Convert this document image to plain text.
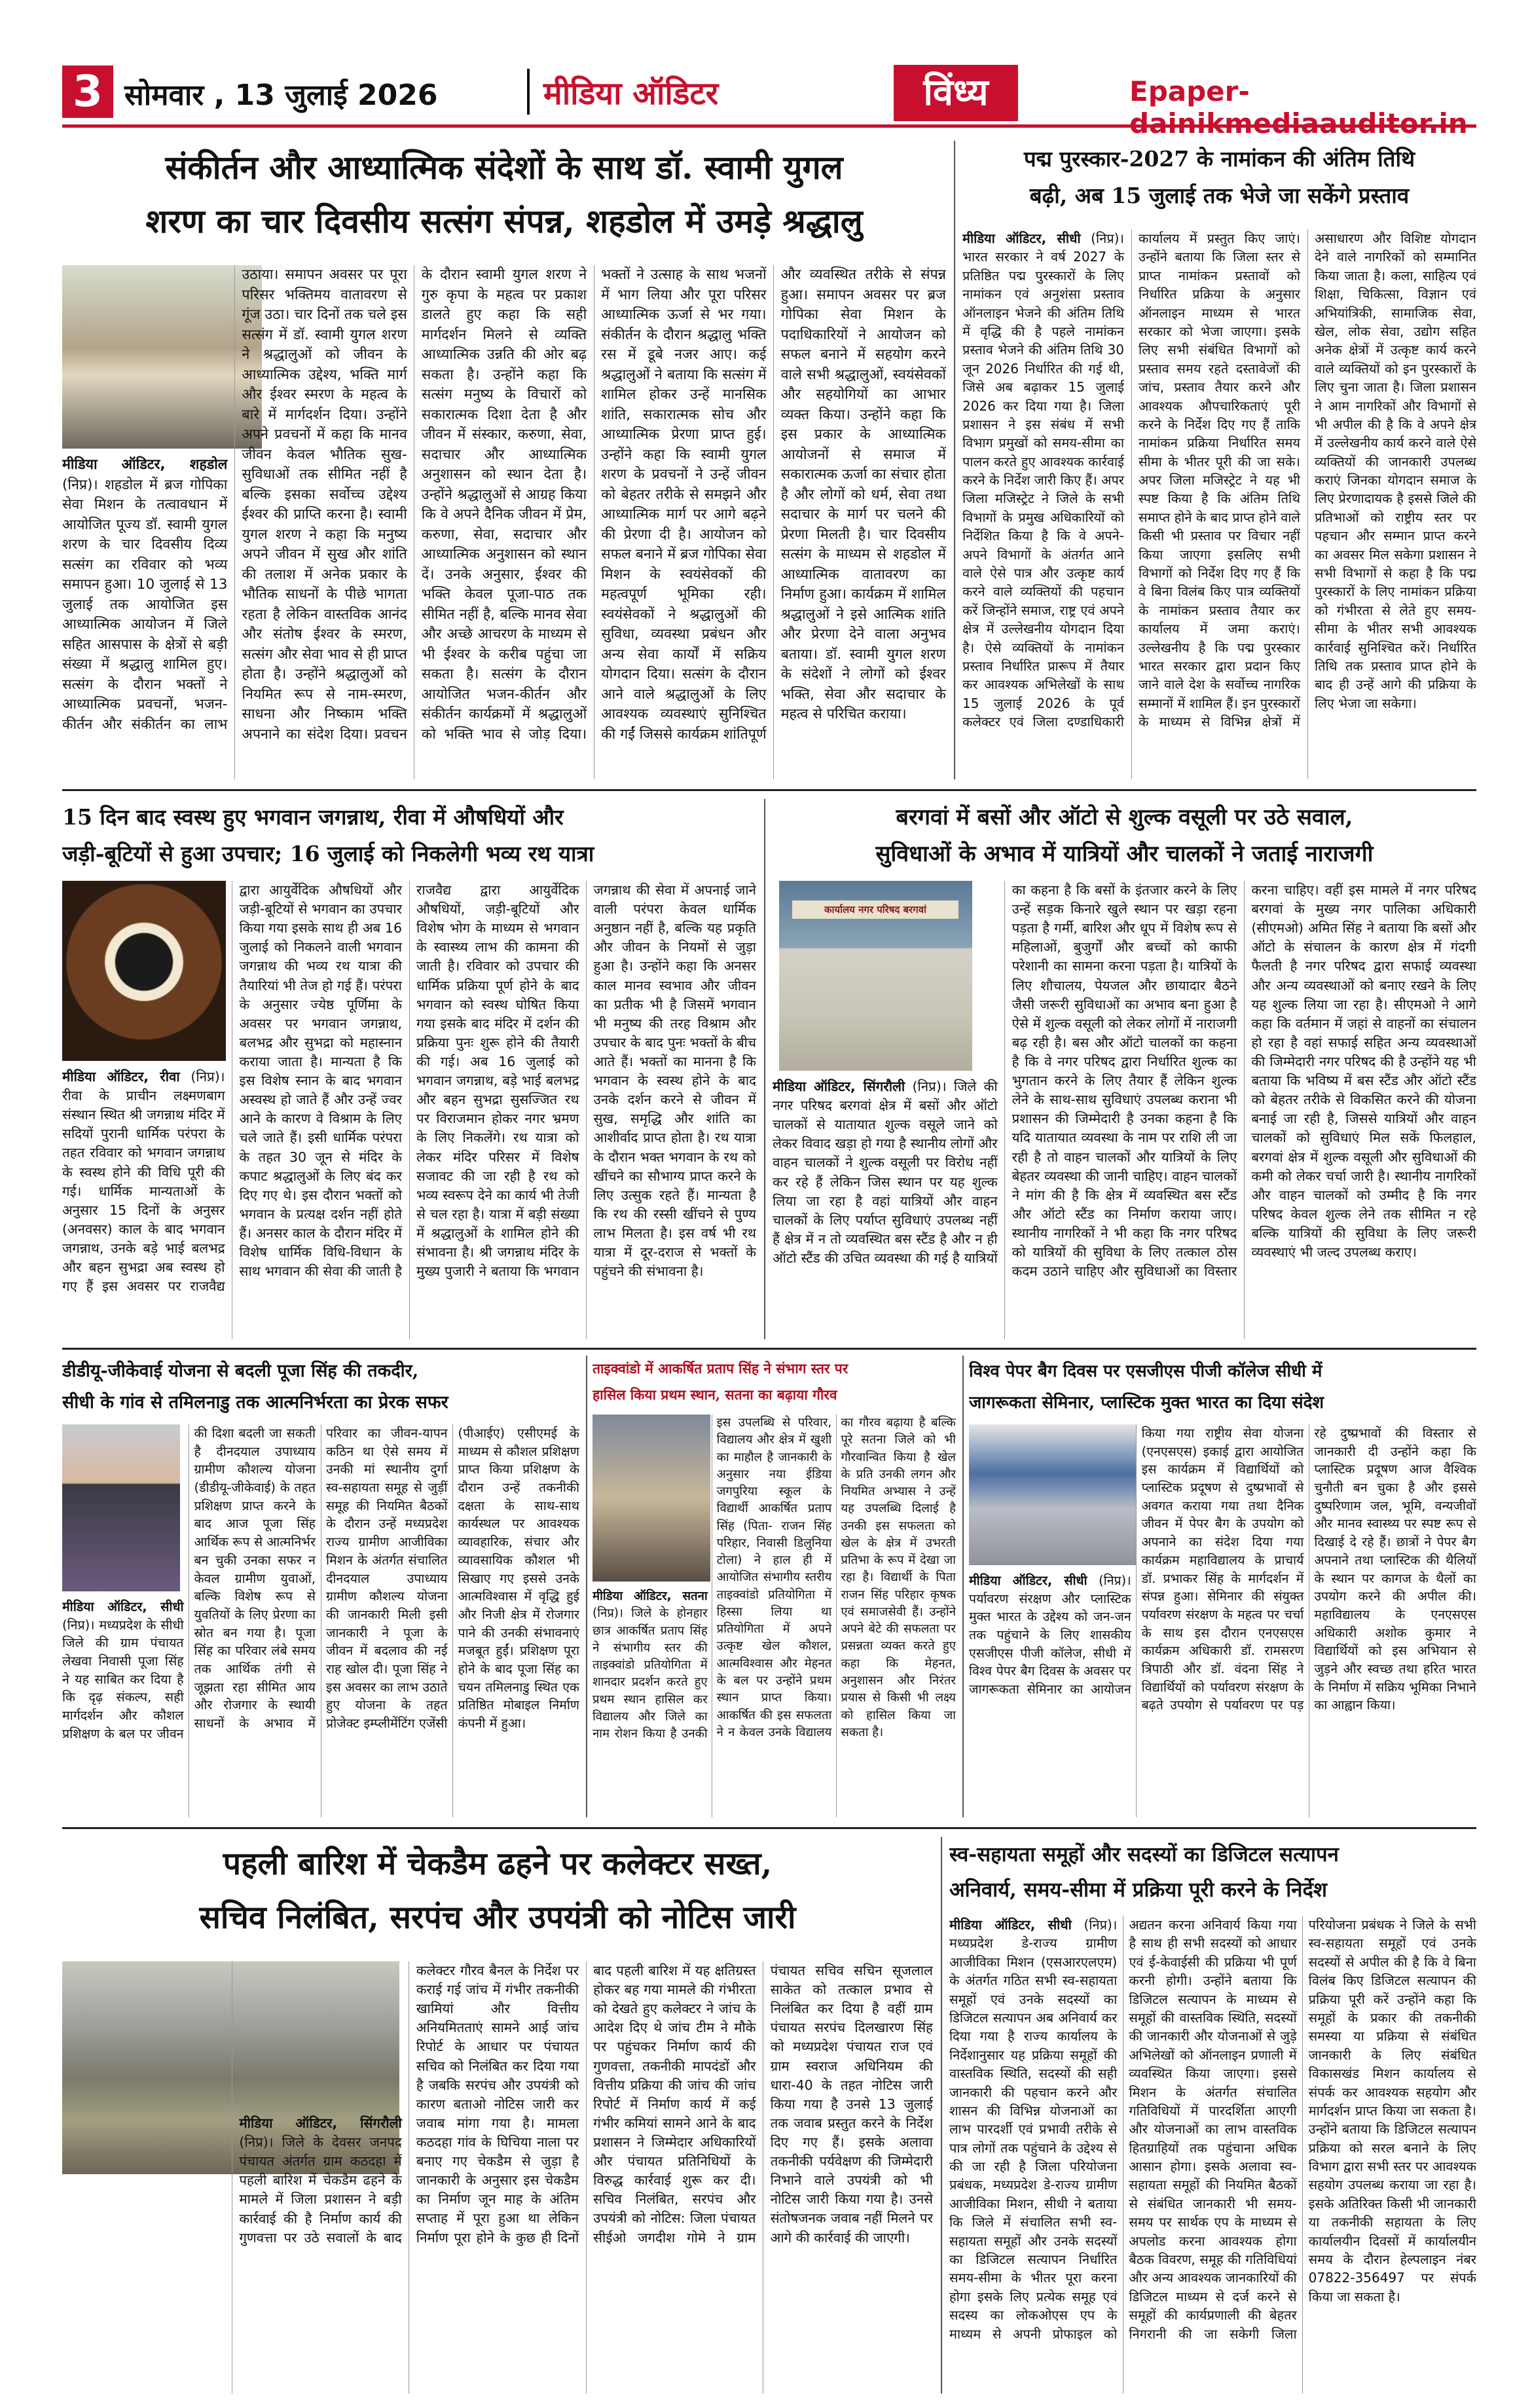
3 सोमवार , 13 जुलाई 2026	मीडिया ऑडिटर	विंध्य	Epaper-dainikmediaauditor.in
संकीर्तन और आध्यात्मिक संदेशों के साथ डॉ. स्वामी युगल
शरण का चार दिवसीय सत्संग संपन्न, शहडोल में उमड़े श्रद्धालु

मीडिया ऑडिटर, शहडोल (निप्र)। शहडोल में ब्रज गोपिका सेवा मिशन के तत्वावधान में आयोजित पूज्य डॉ. स्वामी युगल शरण के चार दिवसीय दिव्य सत्संग का रविवार को भव्य समापन हुआ। 10 जुलाई से 13 जुलाई तक आयोजित इस आध्यात्मिक आयोजन में जिले सहित आसपास के क्षेत्रों से बड़ी संख्या में श्रद्धालु शामिल हुए। सत्संग के दौरान भक्तों ने आध्यात्मिक प्रवचनों, भजन-कीर्तन और संकीर्तन का लाभ उठाया। समापन अवसर पर पूरा परिसर भक्तिमय वातावरण से गूंज उठा। चार दिनों तक चले इस सत्संग में डॉ. स्वामी युगल शरण ने श्रद्धालुओं को जीवन के आध्यात्मिक उद्देश्य, भक्ति मार्ग और ईश्वर स्मरण के महत्व के बारे में मार्गदर्शन दिया। उन्होंने अपने प्रवचनों में कहा कि मानव जीवन केवल भौतिक सुख-सुविधाओं तक सीमित नहीं है बल्कि इसका सर्वोच्च उद्देश्य ईश्वर की प्राप्ति करना है। स्वामी युगल शरण ने कहा कि मनुष्य अपने जीवन में सुख और शांति की तलाश में अनेक प्रकार के भौतिक साधनों के पीछे भागता रहता है लेकिन वास्तविक आनंद और संतोष ईश्वर के स्मरण, सत्संग और सेवा भाव से ही प्राप्त होता है। उन्होंने श्रद्धालुओं को नियमित रूप से नाम-स्मरण, साधना और निष्काम भक्ति अपनाने का संदेश दिया। प्रवचन के दौरान स्वामी युगल शरण ने गुरु कृपा के महत्व पर प्रकाश डालते हुए कहा कि सही मार्गदर्शन मिलने से व्यक्ति आध्यात्मिक उन्नति की ओर बढ़ सकता है। उन्होंने कहा कि सत्संग मनुष्य के विचारों को सकारात्मक दिशा देता है और जीवन में संस्कार, करुणा, सेवा, सदाचार और आध्यात्मिक अनुशासन को स्थान देता है। उन्होंने श्रद्धालुओं से आग्रह किया कि वे अपने दैनिक जीवन में प्रेम, करुणा, सेवा, सदाचार और आध्यात्मिक अनुशासन को स्थान दें। उनके अनुसार, ईश्वर की भक्ति केवल पूजा-पाठ तक सीमित नहीं है, बल्कि मानव सेवा और अच्छे आचरण के माध्यम से भी ईश्वर के करीब पहुंचा जा सकता है। सत्संग के दौरान आयोजित भजन-कीर्तन और संकीर्तन कार्यक्रमों में श्रद्धालुओं को भक्ति भाव से जोड़ दिया। भक्तों ने उत्साह के साथ भजनों में भाग लिया और पूरा परिसर आध्यात्मिक ऊर्जा से भर गया। संकीर्तन के दौरान श्रद्धालु भक्ति रस में डूबे नजर आए। कई श्रद्धालुओं ने बताया कि सत्संग में शामिल होकर उन्हें मानसिक शांति, सकारात्मक सोच और आध्यात्मिक प्रेरणा प्राप्त हुई। उन्होंने कहा कि स्वामी युगल शरण के प्रवचनों ने उन्हें जीवन को बेहतर तरीके से समझने और आध्यात्मिक मार्ग पर आगे बढ़ने की प्रेरणा दी है। आयोजन को सफल बनाने में ब्रज गोपिका सेवा मिशन के स्वयंसेवकों की महत्वपूर्ण भूमिका रही। स्वयंसेवकों ने श्रद्धालुओं की सुविधा, व्यवस्था प्रबंधन और अन्य सेवा कार्यों में सक्रिय योगदान दिया। सत्संग के दौरान आने वाले श्रद्धालुओं के लिए आवश्यक व्यवस्थाएं सुनिश्चित की गईं जिससे कार्यक्रम शांतिपूर्ण और व्यवस्थित तरीके से संपन्न हुआ। समापन अवसर पर ब्रज गोपिका सेवा मिशन के पदाधिकारियों ने आयोजन को सफल बनाने में सहयोग करने वाले सभी श्रद्धालुओं, स्वयंसेवकों और सहयोगियों का आभार व्यक्त किया। उन्होंने कहा कि इस प्रकार के आध्यात्मिक आयोजनों से समाज में सकारात्मक ऊर्जा का संचार होता है और लोगों को धर्म, सेवा तथा सदाचार के मार्ग पर चलने की प्रेरणा मिलती है। चार दिवसीय सत्संग के माध्यम से शहडोल में आध्यात्मिक वातावरण का निर्माण हुआ। कार्यक्रम में शामिल श्रद्धालुओं ने इसे आत्मिक शांति और प्रेरणा देने वाला अनुभव बताया। डॉ. स्वामी युगल शरण के संदेशों ने लोगों को ईश्वर भक्ति, सेवा और सदाचार के महत्व से परिचित कराया।

पद्म पुरस्कार-2027 के नामांकन की अंतिम तिथि
बढ़ी, अब 15 जुलाई तक भेजे जा सकेंगे प्रस्ताव

मीडिया ऑडिटर, सीधी (निप्र)। भारत सरकार ने वर्ष 2027 के प्रतिष्ठित पद्म पुरस्कारों के लिए नामांकन एवं अनुशंसा प्रस्ताव ऑनलाइन भेजने की अंतिम तिथि में वृद्धि की है पहले नामांकन प्रस्ताव भेजने की अंतिम तिथि 30 जून 2026 निर्धारित की गई थी, जिसे अब बढ़ाकर 15 जुलाई 2026 कर दिया गया है। जिला प्रशासन ने इस संबंध में सभी विभाग प्रमुखों को समय-सीमा का पालन करते हुए आवश्यक कार्रवाई करने के निर्देश जारी किए हैं। अपर जिला मजिस्ट्रेट ने जिले के सभी विभागों के प्रमुख अधिकारियों को निर्देशित किया है कि वे अपने-अपने विभागों के अंतर्गत आने वाले ऐसे पात्र और उत्कृष्ट कार्य करने वाले व्यक्तियों की पहचान करें जिन्होंने समाज, राष्ट्र एवं अपने क्षेत्र में उल्लेखनीय योगदान दिया है। ऐसे व्यक्तियों के नामांकन प्रस्ताव निर्धारित प्रारूप में तैयार कर आवश्यक अभिलेखों के साथ 15 जुलाई 2026 के पूर्व कलेक्टर एवं जिला दण्डाधिकारी कार्यालय में प्रस्तुत किए जाएं। उन्होंने बताया कि जिला स्तर से प्राप्त नामांकन प्रस्तावों को निर्धारित प्रक्रिया के अनुसार ऑनलाइन माध्यम से भारत सरकार को भेजा जाएगा। इसके लिए सभी संबंधित विभागों को प्रस्ताव समय रहते दस्तावेजों की जांच, प्रस्ताव तैयार करने और आवश्यक औपचारिकताएं पूरी करने के निर्देश दिए गए हैं ताकि नामांकन प्रक्रिया निर्धारित समय सीमा के भीतर पूरी की जा सके। अपर जिला मजिस्ट्रेट ने यह भी स्पष्ट किया है कि अंतिम तिथि समाप्त होने के बाद प्राप्त होने वाले किसी भी प्रस्ताव पर विचार नहीं किया जाएगा इसलिए सभी विभागों को निर्देश दिए गए हैं कि वे बिना विलंब किए पात्र व्यक्तियों के नामांकन प्रस्ताव तैयार कर कार्यालय में जमा कराएं। उल्लेखनीय है कि पद्म पुरस्कार भारत सरकार द्वारा प्रदान किए जाने वाले देश के सर्वोच्च नागरिक सम्मानों में शामिल हैं। इन पुरस्कारों के माध्यम से विभिन्न क्षेत्रों में असाधारण और विशिष्ट योगदान देने वाले नागरिकों को सम्मानित किया जाता है। कला, साहित्य एवं शिक्षा, चिकित्सा, विज्ञान एवं अभियांत्रिकी, सामाजिक सेवा, खेल, लोक सेवा, उद्योग सहित अनेक क्षेत्रों में उत्कृष्ट कार्य करने वाले व्यक्तियों को इन पुरस्कारों के लिए चुना जाता है। जिला प्रशासन ने आम नागरिकों और विभागों से भी अपील की है कि वे अपने क्षेत्र में उल्लेखनीय कार्य करने वाले ऐसे व्यक्तियों की जानकारी उपलब्ध कराएं जिनका योगदान समाज के लिए प्रेरणादायक है इससे जिले की प्रतिभाओं को राष्ट्रीय स्तर पर पहचान और सम्मान प्राप्त करने का अवसर मिल सकेगा प्रशासन ने सभी विभागों से कहा है कि पद्म पुरस्कारों के लिए नामांकन प्रक्रिया को गंभीरता से लेते हुए समय-सीमा के भीतर सभी आवश्यक कार्रवाई सुनिश्चित करें। निर्धारित तिथि तक प्रस्ताव प्राप्त होने के बाद ही उन्हें आगे की प्रक्रिया के लिए भेजा जा सकेगा।

15 दिन बाद स्वस्थ हुए भगवान जगन्नाथ, रीवा में औषधियों और
जड़ी-बूटियों से हुआ उपचार; 16 जुलाई को निकलेगी भव्य रथ यात्रा

मीडिया ऑडिटर, रीवा (निप्र)। रीवा के प्राचीन लक्ष्मणबाग संस्थान स्थित श्री जगन्नाथ मंदिर में सदियों पुरानी धार्मिक परंपरा के तहत रविवार को भगवान जगन्नाथ के स्वस्थ होने की विधि पूरी की गई। धार्मिक मान्यताओं के अनुसार 15 दिनों के अनुसर (अनवसर) काल के बाद भगवान जगन्नाथ, उनके बड़े भाई बलभद्र और बहन सुभद्रा अब स्वस्थ हो गए हैं इस अवसर पर राजवैद्य द्वारा आयुर्वेदिक औषधियों और जड़ी-बूटियों से भगवान का उपचार किया गया इसके साथ ही अब 16 जुलाई को निकलने वाली भगवान जगन्नाथ की भव्य रथ यात्रा की तैयारियां भी तेज हो गई हैं। परंपरा के अनुसार ज्येष्ठ पूर्णिमा के अवसर पर भगवान जगन्नाथ, बलभद्र और सुभद्रा को महास्नान कराया जाता है। मान्यता है कि इस विशेष स्नान के बाद भगवान अस्वस्थ हो जाते हैं और उन्हें ज्वर आने के कारण वे विश्राम के लिए चले जाते हैं। इसी धार्मिक परंपरा के तहत 30 जून से मंदिर के कपाट श्रद्धालुओं के लिए बंद कर दिए गए थे। इस दौरान भक्तों को भगवान के प्रत्यक्ष दर्शन नहीं होते हैं। अनसर काल के दौरान मंदिर में विशेष धार्मिक विधि-विधान के साथ भगवान की सेवा की जाती है राजवैद्य द्वारा आयुर्वेदिक औषधियों, जड़ी-बूटियों और विशेष भोग के माध्यम से भगवान के स्वास्थ्य लाभ की कामना की जाती है। रविवार को उपचार की धार्मिक प्रक्रिया पूर्ण होने के बाद भगवान को स्वस्थ घोषित किया गया इसके बाद मंदिर में दर्शन की प्रक्रिया पुनः शुरू होने की तैयारी की गई। अब 16 जुलाई को भगवान जगन्नाथ, बड़े भाई बलभद्र और बहन सुभद्रा सुसज्जित रथ पर विराजमान होकर नगर भ्रमण के लिए निकलेंगे। रथ यात्रा को लेकर मंदिर परिसर में विशेष सजावट की जा रही है रथ को भव्य स्वरूप देने का कार्य भी तेजी से चल रहा है। यात्रा में बड़ी संख्या में श्रद्धालुओं के शामिल होने की संभावना है। श्री जगन्नाथ मंदिर के मुख्य पुजारी ने बताया कि भगवान जगन्नाथ की सेवा में अपनाई जाने वाली परंपरा केवल धार्मिक अनुष्ठान नहीं है, बल्कि यह प्रकृति और जीवन के नियमों से जुड़ा हुआ है। उन्होंने कहा कि अनसर काल मानव स्वभाव और जीवन का प्रतीक भी है जिसमें भगवान भी मनुष्य की तरह विश्राम और उपचार के बाद पुनः भक्तों के बीच आते हैं। भक्तों का मानना है कि भगवान के स्वस्थ होने के बाद उनके दर्शन करने से जीवन में सुख, समृद्धि और शांति का आशीर्वाद प्राप्त होता है। रथ यात्रा के दौरान भक्त भगवान के रथ को खींचने का सौभाग्य प्राप्त करने के लिए उत्सुक रहते हैं। मान्यता है कि रथ की रस्सी खींचने से पुण्य लाभ मिलता है। इस वर्ष भी रथ यात्रा में दूर-दराज से भक्तों के पहुंचने की संभावना है।

बरगवां में बसों और ऑटो से शुल्क वसूली पर उठे सवाल,
सुविधाओं के अभाव में यात्रियों और चालकों ने जताई नाराजगी
कार्यालय नगर परिषद बरगवां

मीडिया ऑडिटर, सिंगरौली (निप्र)। जिले की नगर परिषद बरगवां क्षेत्र में बसों और ऑटो चालकों से यातायात शुल्क वसूले जाने को लेकर विवाद खड़ा हो गया है स्थानीय लोगों और वाहन चालकों ने शुल्क वसूली पर विरोध नहीं कर रहे हैं लेकिन जिस स्थान पर यह शुल्क लिया जा रहा है वहां यात्रियों और वाहन चालकों के लिए पर्याप्त सुविधाएं उपलब्ध नहीं हैं क्षेत्र में न तो व्यवस्थित बस स्टैंड है और न ही ऑटो स्टैंड की उचित व्यवस्था की गई है यात्रियों का कहना है कि बसों के इंतजार करने के लिए उन्हें सड़क किनारे खुले स्थान पर खड़ा रहना पड़ता है गर्मी, बारिश और धूप में विशेष रूप से महिलाओं, बुजुर्गों और बच्चों को काफी परेशानी का सामना करना पड़ता है। यात्रियों के लिए शौचालय, पेयजल और छायादार बैठने जैसी जरूरी सुविधाओं का अभाव बना हुआ है ऐसे में शुल्क वसूली को लेकर लोगों में नाराजगी बढ़ रही है। बस और ऑटो चालकों का कहना है कि वे नगर परिषद द्वारा निर्धारित शुल्क का भुगतान करने के लिए तैयार हैं लेकिन शुल्क लेने के साथ-साथ सुविधाएं उपलब्ध कराना भी प्रशासन की जिम्मेदारी है उनका कहना है कि यदि यातायात व्यवस्था के नाम पर राशि ली जा रही है तो वाहन चालकों और यात्रियों के लिए बेहतर व्यवस्था की जानी चाहिए। वाहन चालकों ने मांग की है कि क्षेत्र में व्यवस्थित बस स्टैंड और ऑटो स्टैंड का निर्माण कराया जाए। स्थानीय नागरिकों ने भी कहा कि नगर परिषद को यात्रियों की सुविधा के लिए तत्काल ठोस कदम उठाने चाहिए और सुविधाओं का विस्तार करना चाहिए। वहीं इस मामले में नगर परिषद बरगवां के मुख्य नगर पालिका अधिकारी (सीएमओ) अमित सिंह ने बताया कि बसों और ऑटो के संचालन के कारण क्षेत्र में गंदगी फैलती है नगर परिषद द्वारा सफाई व्यवस्था और अन्य व्यवस्थाओं को बनाए रखने के लिए यह शुल्क लिया जा रहा है। सीएमओ ने आगे कहा कि वर्तमान में जहां से वाहनों का संचालन हो रहा है वहां सफाई सहित अन्य व्यवस्थाओं की जिम्मेदारी नगर परिषद की है उन्होंने यह भी बताया कि भविष्य में बस स्टैंड और ऑटो स्टैंड को बेहतर तरीके से विकसित करने की योजना बनाई जा रही है, जिससे यात्रियों और वाहन चालकों को सुविधाएं मिल सकें फिलहाल, बरगवां क्षेत्र में शुल्क वसूली और सुविधाओं की कमी को लेकर चर्चा जारी है। स्थानीय नागरिकों और वाहन चालकों को उम्मीद है कि नगर परिषद केवल शुल्क लेने तक सीमित न रहे बल्कि यात्रियों की सुविधा के लिए जरूरी व्यवस्थाएं भी जल्द उपलब्ध कराए।

डीडीयू-जीकेवाई योजना से बदली पूजा सिंह की तकदीर,
सीधी के गांव से तमिलनाडु तक आत्मनिर्भरता का प्रेरक सफर

मीडिया ऑडिटर, सीधी (निप्र)। मध्यप्रदेश के सीधी जिले की ग्राम पंचायत लेखवा निवासी पूजा सिंह ने यह साबित कर दिया है कि दृढ़ संकल्प, सही मार्गदर्शन और कौशल प्रशिक्षण के बल पर जीवन की दिशा बदली जा सकती है दीनदयाल उपाध्याय ग्रामीण कौशल्य योजना (डीडीयू-जीकेवाई) के तहत प्रशिक्षण प्राप्त करने के बाद आज पूजा सिंह आर्थिक रूप से आत्मनिर्भर बन चुकी उनका सफर न केवल ग्रामीण युवाओं, बल्कि विशेष रूप से युवतियों के लिए प्रेरणा का स्रोत बन गया है। पूजा सिंह का परिवार लंबे समय तक आर्थिक तंगी से जूझता रहा सीमित आय और रोजगार के स्थायी साधनों के अभाव में परिवार का जीवन-यापन कठिन था ऐसे समय में उनकी मां स्थानीय दुर्गा स्व-सहायता समूह से जुड़ीं समूह की नियमित बैठकों के दौरान उन्हें मध्यप्रदेश राज्य ग्रामीण आजीविका मिशन के अंतर्गत संचालित दीनदयाल उपाध्याय ग्रामीण कौशल्य योजना की जानकारी मिली इसी जानकारी ने पूजा के जीवन में बदलाव की नई राह खोल दी। पूजा सिंह ने इस अवसर का लाभ उठाते हुए योजना के तहत प्रोजेक्ट इम्प्लीमेंटिंग एजेंसी (पीआईए) एसीएमई के माध्यम से कौशल प्रशिक्षण प्राप्त किया प्रशिक्षण के दौरान उन्हें तकनीकी दक्षता के साथ-साथ कार्यस्थल पर आवश्यक व्यावहारिक, संचार और व्यावसायिक कौशल भी सिखाए गए इससे उनके आत्मविश्वास में वृद्धि हुई और निजी क्षेत्र में रोजगार पाने की उनकी संभावनाएं मजबूत हुईं। प्रशिक्षण पूरा होने के बाद पूजा सिंह का चयन तमिलनाडु स्थित एक प्रतिष्ठित मोबाइल निर्माण कंपनी में हुआ।

ताइक्वांडो में आकर्षित प्रताप सिंह ने संभाग स्तर पर
हासिल किया प्रथम स्थान, सतना का बढ़ाया गौरव

मीडिया ऑडिटर, सतना (निप्र)। जिले के होनहार छात्र आकर्षित प्रताप सिंह ने संभागीय स्तर की ताइक्वांडो प्रतियोगिता में शानदार प्रदर्शन करते हुए प्रथम स्थान हासिल कर विद्यालय और जिले का नाम रोशन किया है उनकी इस उपलब्धि से परिवार, विद्यालय और क्षेत्र में खुशी का माहौल है जानकारी के अनुसार नया ईडिया जगपुरिया स्कूल के विद्यार्थी आकर्षित प्रताप सिंह (पिता- राजन सिंह परिहार, निवासी डिलुनिया टोला) ने हाल ही में आयोजित संभागीय स्तरीय ताइक्वांडो प्रतियोगिता में हिस्सा लिया था प्रतियोगिता में अपने उत्कृष्ट खेल कौशल, आत्मविश्वास और मेहनत के बल पर उन्होंने प्रथम स्थान प्राप्त किया। आकर्षित की इस सफलता ने न केवल उनके विद्यालय का गौरव बढ़ाया है बल्कि पूरे सतना जिले को भी गौरवान्वित किया है खेल के प्रति उनकी लगन और नियमित अभ्यास ने उन्हें यह उपलब्धि दिलाई है उनकी इस सफलता को खेल के क्षेत्र में उभरती प्रतिभा के रूप में देखा जा रहा है। विद्यार्थी के पिता राजन सिंह परिहार कृषक एवं समाजसेवी हैं। उन्होंने अपने बेटे की सफलता पर प्रसन्नता व्यक्त करते हुए कहा कि मेहनत, अनुशासन और निरंतर प्रयास से किसी भी लक्ष्य को हासिल किया जा सकता है।

विश्व पेपर बैग दिवस पर एसजीएस पीजी कॉलेज सीधी में
जागरूकता सेमिनार, प्लास्टिक मुक्त भारत का दिया संदेश

मीडिया ऑडिटर, सीधी (निप्र)। पर्यावरण संरक्षण और प्लास्टिक मुक्त भारत के उद्देश्य को जन-जन तक पहुंचाने के लिए शासकीय एसजीएस पीजी कॉलेज, सीधी में विश्व पेपर बैग दिवस के अवसर पर जागरूकता सेमिनार का आयोजन किया गया राष्ट्रीय सेवा योजना (एनएसएस) इकाई द्वारा आयोजित इस कार्यक्रम में विद्यार्थियों को प्लास्टिक प्रदूषण से दुष्प्रभावों से अवगत कराया गया तथा दैनिक जीवन में पेपर बैग के उपयोग को अपनाने का संदेश दिया गया कार्यक्रम महाविद्यालय के प्राचार्य डॉ. प्रभाकर सिंह के मार्गदर्शन में संपन्न हुआ। सेमिनार की संयुक्त पर्यावरण संरक्षण के महत्व पर चर्चा के साथ इस दौरान एनएसएस कार्यक्रम अधिकारी डॉ. रामसरण त्रिपाठी और डॉ. वंदना सिंह ने विद्यार्थियों को पर्यावरण संरक्षण के बढ़ते उपयोग से पर्यावरण पर पड़ रहे दुष्प्रभावों की विस्तार से जानकारी दी उन्होंने कहा कि प्लास्टिक प्रदूषण आज वैश्विक चुनौती बन चुका है और इससे दुष्परिणाम जल, भूमि, वन्यजीवों और मानव स्वास्थ्य पर स्पष्ट रूप से दिखाई दे रहे हैं। छात्रों ने पेपर बैग अपनाने तथा प्लास्टिक की थैलियों के स्थान पर कागज के थैलों का उपयोग करने की अपील की। महाविद्यालय के एनएसएस अधिकारी अशोक कुमार ने विद्यार्थियों को इस अभियान से जुड़ने और स्वच्छ तथा हरित भारत के निर्माण में सक्रिय भूमिका निभाने का आह्वान किया।

पहली बारिश में चेकडैम ढहने पर कलेक्टर सख्त,
सचिव निलंबित, सरपंच और उपयंत्री को नोटिस जारी

मीडिया ऑडिटर, सिंगरौली (निप्र)। जिले के देवसर जनपद पंचायत अंतर्गत ग्राम कठदहा में पहली बारिश में चेकडैम ढहने के मामले में जिला प्रशासन ने बड़ी कार्रवाई की है निर्माण कार्य की गुणवत्ता पर उठे सवालों के बाद कलेक्टर गौरव बैनल के निर्देश पर कराई गई जांच में गंभीर तकनीकी खामियां और वित्तीय अनियमितताएं सामने आई जांच रिपोर्ट के आधार पर पंचायत सचिव को निलंबित कर दिया गया है जबकि सरपंच और उपयंत्री को कारण बताओ नोटिस जारी कर जवाब मांगा गया है। मामला कठदहा गांव के घिचिया नाला पर बनाए गए चेकडैम से जुड़ा है जानकारी के अनुसार इस चेकडैम का निर्माण जून माह के अंतिम सप्ताह में पूरा हुआ था लेकिन निर्माण पूरा होने के कुछ ही दिनों बाद पहली बारिश में यह क्षतिग्रस्त होकर बह गया मामले की गंभीरता को देखते हुए कलेक्टर ने जांच के आदेश दिए थे जांच टीम ने मौके पर पहुंचकर निर्माण कार्य की गुणवत्ता, तकनीकी मापदंडों और वित्तीय प्रक्रिया की जांच की जांच रिपोर्ट में निर्माण कार्य में कई गंभीर कमियां सामने आने के बाद प्रशासन ने जिम्मेदार अधिकारियों और पंचायत प्रतिनिधियों के विरुद्ध कार्रवाई शुरू कर दी। सचिव निलंबित, सरपंच और उपयंत्री को नोटिस: जिला पंचायत सीईओ जगदीश गोमे ने ग्राम पंचायत सचिव सचिन सूजलाल साकेत को तत्काल प्रभाव से निलंबित कर दिया है वहीं ग्राम पंचायत सरपंच दिलखारण सिंह को मध्यप्रदेश पंचायत राज एवं ग्राम स्वराज अधिनियम की धारा-40 के तहत नोटिस जारी किया गया है उनसे 13 जुलाई तक जवाब प्रस्तुत करने के निर्देश दिए गए हैं। इसके अलावा तकनीकी पर्यवेक्षण की जिम्मेदारी निभाने वाले उपयंत्री को भी नोटिस जारी किया गया है। उनसे संतोषजनक जवाब नहीं मिलने पर आगे की कार्रवाई की जाएगी।

स्व-सहायता समूहों और सदस्यों का डिजिटल सत्यापन
अनिवार्य, समय-सीमा में प्रक्रिया पूरी करने के निर्देश

मीडिया ऑडिटर, सीधी (निप्र)। मध्यप्रदेश डे-राज्य ग्रामीण आजीविका मिशन (एसआरएलएम) के अंतर्गत गठित सभी स्व-सहायता समूहों एवं उनके सदस्यों का डिजिटल सत्यापन अब अनिवार्य कर दिया गया है राज्य कार्यालय के निर्देशानुसार यह प्रक्रिया समूहों की वास्तविक स्थिति, सदस्यों की सही जानकारी की पहचान करने और शासन की विभिन्न योजनाओं का लाभ पारदर्शी एवं प्रभावी तरीके से पात्र लोगों तक पहुंचाने के उद्देश्य से की जा रही है जिला परियोजना प्रबंधक, मध्यप्रदेश डे-राज्य ग्रामीण आजीविका मिशन, सीधी ने बताया कि जिले में संचालित सभी स्व-सहायता समूहों और उनके सदस्यों का डिजिटल सत्यापन निर्धारित समय-सीमा के भीतर पूरा करना होगा इसके लिए प्रत्येक समूह एवं सदस्य का लोकओएस एप के माध्यम से अपनी प्रोफाइल को अद्यतन करना अनिवार्य किया गया है साथ ही सभी सदस्यों को आधार एवं ई-केवाईसी की प्रक्रिया भी पूर्ण करनी होगी। उन्होंने बताया कि डिजिटल सत्यापन के माध्यम से समूहों की वास्तविक स्थिति, सदस्यों की जानकारी और योजनाओं से जुड़े अभिलेखों को ऑनलाइन प्रणाली में व्यवस्थित किया जाएगा। इससे मिशन के अंतर्गत संचालित गतिविधियों में पारदर्शिता आएगी और योजनाओं का लाभ वास्तविक हितग्राहियों तक पहुंचाना अधिक आसान होगा। इसके अलावा स्व-सहायता समूहों की नियमित बैठकों से संबंधित जानकारी भी समय-समय पर सार्थक एप के माध्यम से अपलोड करना आवश्यक होगा बैठक विवरण, समूह की गतिविधियां और अन्य आवश्यक जानकारियों की डिजिटल माध्यम से दर्ज करने से समूहों की कार्यप्रणाली की बेहतर निगरानी की जा सकेगी जिला परियोजना प्रबंधक ने जिले के सभी स्व-सहायता समूहों एवं उनके सदस्यों से अपील की है कि वे बिना विलंब किए डिजिटल सत्यापन की प्रक्रिया पूरी करें उन्होंने कहा कि समूहों के प्रकार की तकनीकी समस्या या प्रक्रिया से संबंधित जानकारी के लिए संबंधित विकासखंड मिशन कार्यालय से संपर्क कर आवश्यक सहयोग और मार्गदर्शन प्राप्त किया जा सकता है। उन्होंने बताया कि डिजिटल सत्यापन प्रक्रिया को सरल बनाने के लिए विभाग द्वारा सभी स्तर पर आवश्यक सहयोग उपलब्ध कराया जा रहा है। इसके अतिरिक्त किसी भी जानकारी या तकनीकी सहायता के लिए कार्यालयीन दिवसों में कार्यालयीन समय के दौरान हेल्पलाइन नंबर 07822-356497 पर संपर्क किया जा सकता है।
